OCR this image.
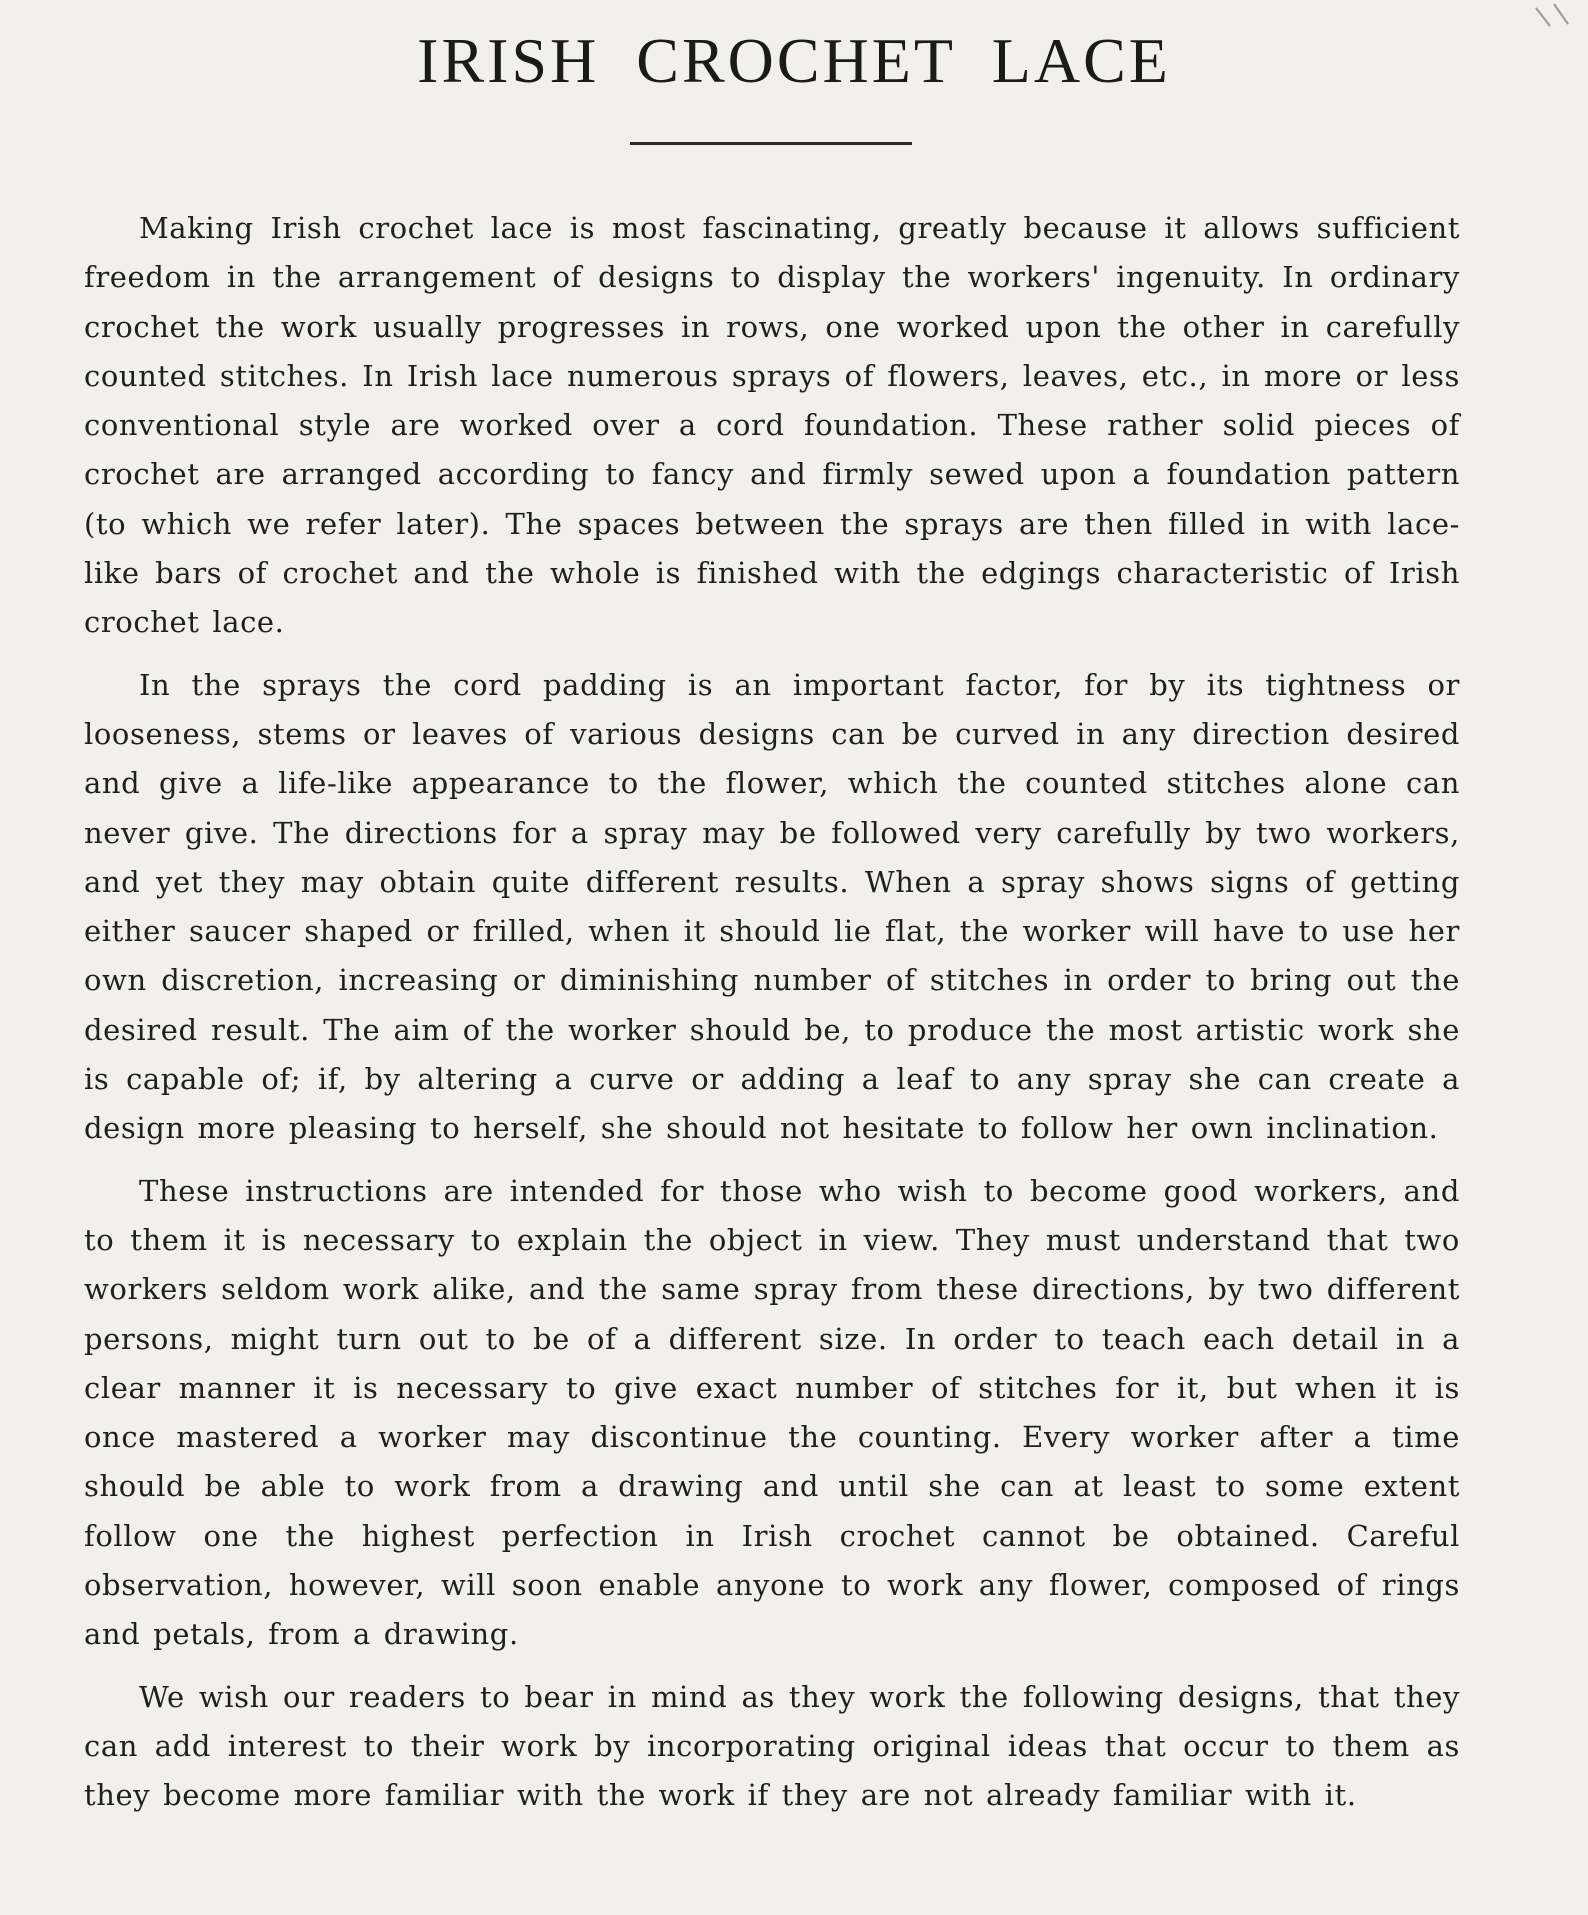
IRISH CROCHET LACE

Making Irish crochet lace is most fascinating, greatly because it allows sufficient freedom in the arrangement of designs to display the workers' ingenuity. In ordinary crochet the work usually progresses in rows, one worked upon the other in carefully counted stitches. In Irish lace numerous sprays of flowers, leaves, etc., in more or less conventional style are worked over a cord foundation. These rather solid pieces of crochet are arranged according to fancy and firmly sewed upon a foundation pattern (to which we refer later). The spaces between the sprays are then filled in with lace-like bars of crochet and the whole is finished with the edgings characteristic of Irish crochet lace.

In the sprays the cord padding is an important factor, for by its tightness or looseness, stems or leaves of various designs can be curved in any direction desired and give a life-like appearance to the flower, which the counted stitches alone can never give. The directions for a spray may be followed very carefully by two workers, and yet they may obtain quite different results. When a spray shows signs of getting either saucer shaped or frilled, when it should lie flat, the worker will have to use her own discretion, increasing or diminishing number of stitches in order to bring out the desired result. The aim of the worker should be, to produce the most artistic work she is capable of; if, by altering a curve or adding a leaf to any spray she can create a design more pleasing to herself, she should not hesitate to follow her own inclination.

These instructions are intended for those who wish to become good workers, and to them it is necessary to explain the object in view. They must understand that two workers seldom work alike, and the same spray from these directions, by two different persons, might turn out to be of a different size. In order to teach each detail in a clear manner it is necessary to give exact number of stitches for it, but when it is once mastered a worker may discontinue the counting. Every worker after a time should be able to work from a drawing and until she can at least to some extent follow one the highest perfection in Irish crochet cannot be obtained. Careful observation, however, will soon enable anyone to work any flower, composed of rings and petals, from a drawing.

We wish our readers to bear in mind as they work the following designs, that they can add interest to their work by incorporating original ideas that occur to them as they become more familiar with the work if they are not already familiar with it.
